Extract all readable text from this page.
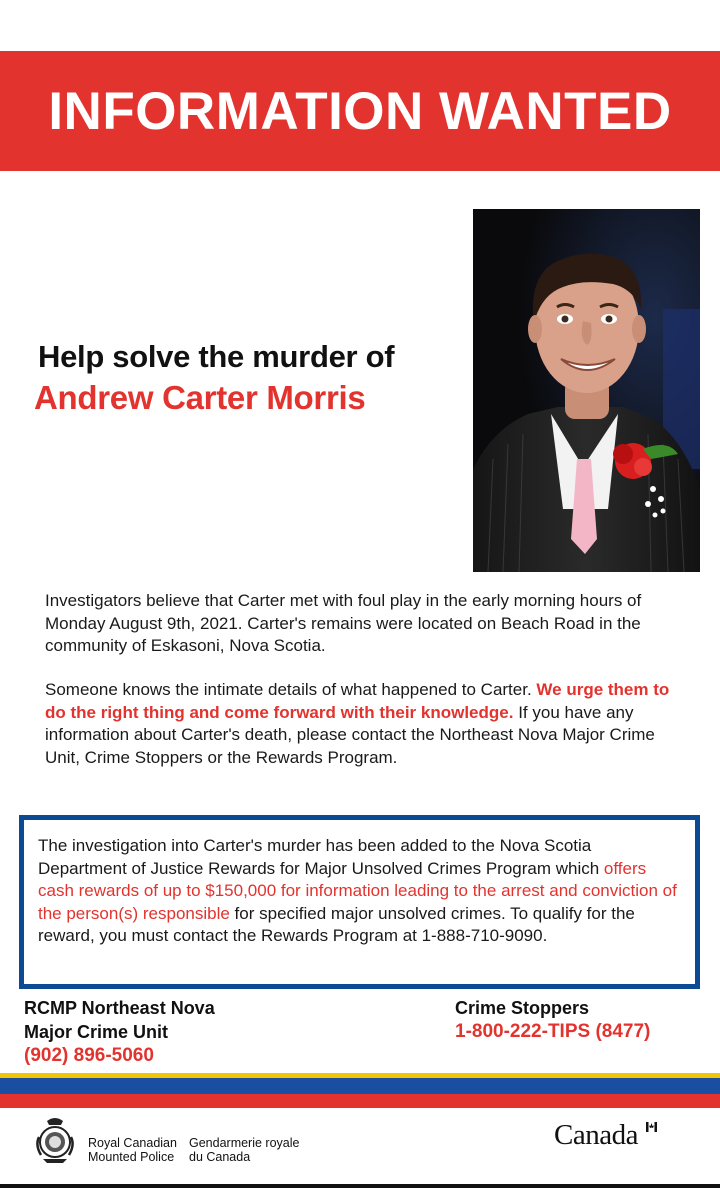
INFORMATION WANTED
Help solve the murder of
Andrew Carter Morris
Investigators believe that Carter met with foul play in the early morning hours of Monday August 9th, 2021. Carter's remains were located on Beach Road in the community of Eskasoni, Nova Scotia.
Someone knows the intimate details of what happened to Carter. We urge them to do the right thing and come forward with their knowledge. If you have any information about Carter's death, please contact the Northeast Nova Major Crime Unit, Crime Stoppers or the Rewards Program.
The investigation into Carter's murder has been added to the Nova Scotia Department of Justice Rewards for Major Unsolved Crimes Program which offers cash rewards of up to $150,000 for information leading to the arrest and conviction of the person(s) responsible for specified major unsolved crimes. To qualify for the reward, you must contact the Rewards Program at 1-888-710-9090.
RCMP Northeast Nova
Major Crime Unit
(902) 896-5060
Crime Stoppers
1-800-222-TIPS (8477)
Royal Canadian
Mounted Police
Gendarmerie royale
du Canada
Canada
